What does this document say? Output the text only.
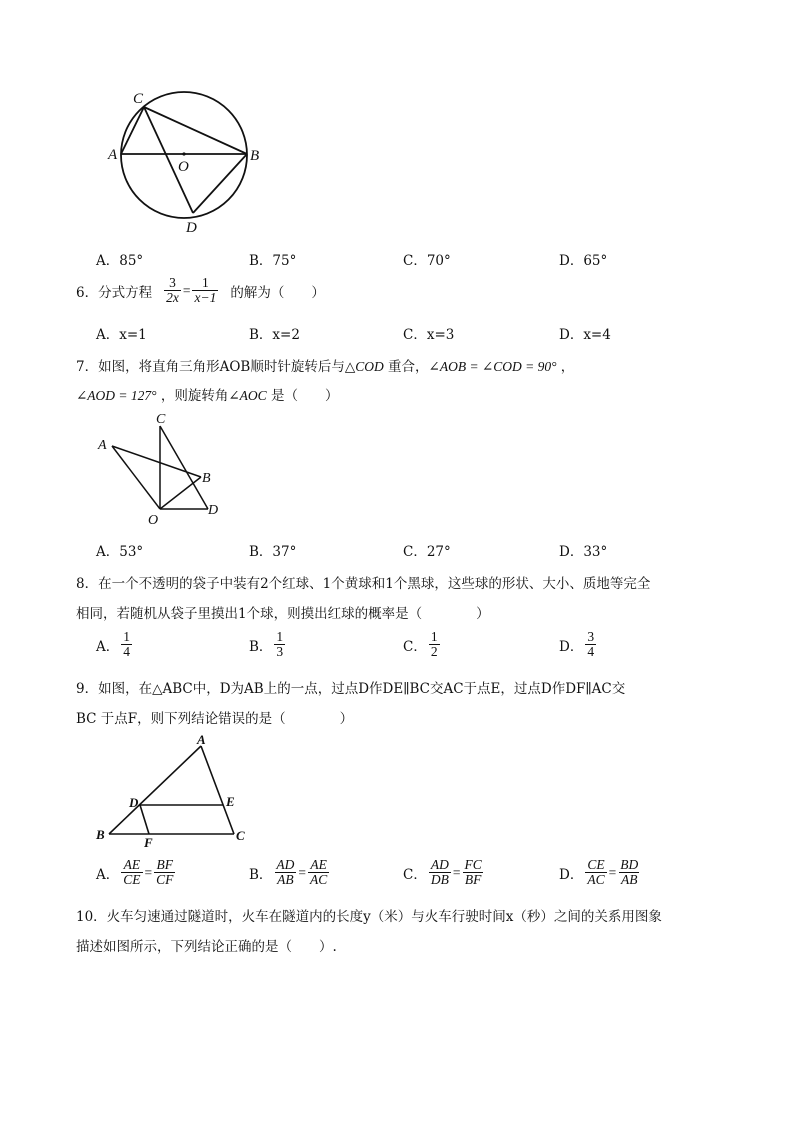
C
A
O
B
D
A．85°	B．75°	C．70°	D．65°
6．分式方程 $\frac{3}{2x} = \frac{1}{x-1}$ 的解为（　　）
A．x=1	B．x=2	C．x=3	D．x=4
7．如图，将直角三角形AOB顺时针旋转后与△COD 重合，∠AOB = ∠COD = 90° ，
∠AOD = 127° ，则旋转角∠AOC 是（　　）
C
A
B
O
D
A．53°	B．37°	C．27°	D．33°
8．在一个不透明的袋子中装有2个红球、1个黄球和1个黑球，这些球的形状、大小、质地等完全
相同，若随机从袋子里摸出1个球，则摸出红球的概率是（　　　　）
A． $\frac{1}{4}$	B． $\frac{1}{3}$	C． $\frac{1}{2}$	D． $\frac{3}{4}$
9．如图，在△ABC中，D为AB上的一点，过点D作DE∥BC交AC于点E，过点D作DF∥AC交
BC 于点F，则下列结论错误的是（　　　　）
A
D	E
B
F	C
A． $\frac{AE}{CE} = \frac{BF}{CF}$	B． $\frac{AD}{AB} = \frac{AE}{AC}$	C． $\frac{AD}{DB} = \frac{FC}{BF}$	D． $\frac{CE}{AC} = \frac{BD}{AB}$
10．火车匀速通过隧道时，火车在隧道内的长度y（米）与火车行驶时间x（秒）之间的关系用图象
描述如图所示，下列结论正确的是（　　）.
